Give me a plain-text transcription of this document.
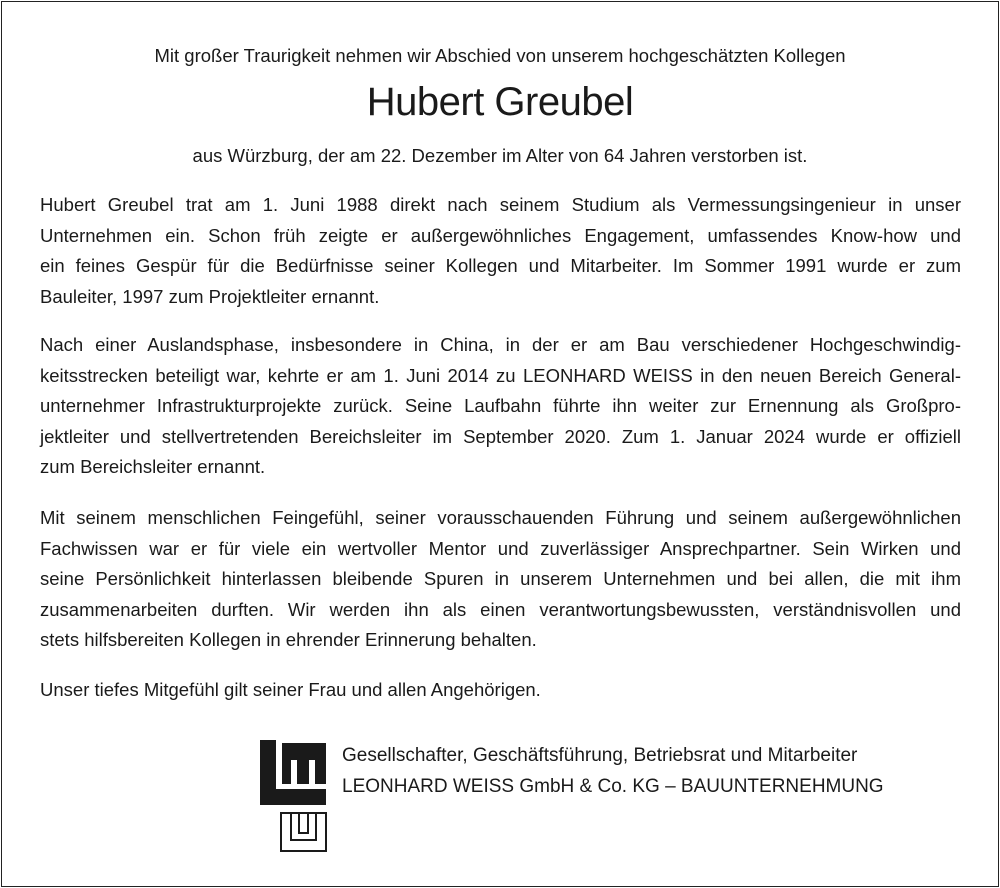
Mit großer Traurigkeit nehmen wir Abschied von unserem hochgeschätzten Kollegen
Hubert Greubel
aus Würzburg, der am 22. Dezember im Alter von 64 Jahren verstorben ist.
Hubert Greubel trat am 1. Juni 1988 direkt nach seinem Studium als Vermessungsingenieur in unser
Unternehmen ein. Schon früh zeigte er außergewöhnliches Engagement, umfassendes Know-how und
ein feines Gespür für die Bedürfnisse seiner Kollegen und Mitarbeiter. Im Sommer 1991 wurde er zum
Bauleiter, 1997 zum Projektleiter ernannt.
Nach einer Auslandsphase, insbesondere in China, in der er am Bau verschiedener Hochgeschwindig-
keitsstrecken beteiligt war, kehrte er am 1. Juni 2014 zu LEONHARD WEISS in den neuen Bereich General-
unternehmer Infrastrukturprojekte zurück. Seine Laufbahn führte ihn weiter zur Ernennung als Großpro-
jektleiter und stellvertretenden Bereichsleiter im September 2020. Zum 1. Januar 2024 wurde er offiziell
zum Bereichsleiter ernannt.
Mit seinem menschlichen Feingefühl, seiner vorausschauenden Führung und seinem außergewöhnlichen
Fachwissen war er für viele ein wertvoller Mentor und zuverlässiger Ansprechpartner. Sein Wirken und
seine Persönlichkeit hinterlassen bleibende Spuren in unserem Unternehmen und bei allen, die mit ihm
zusammenarbeiten durften. Wir werden ihn als einen verantwortungsbewussten, verständnisvollen und
stets hilfsbereiten Kollegen in ehrender Erinnerung behalten.
Unser tiefes Mitgefühl gilt seiner Frau und allen Angehörigen.
Gesellschafter, Geschäftsführung, Betriebsrat und Mitarbeiter
LEONHARD WEISS GmbH & Co. KG – BAUUNTERNEHMUNG
